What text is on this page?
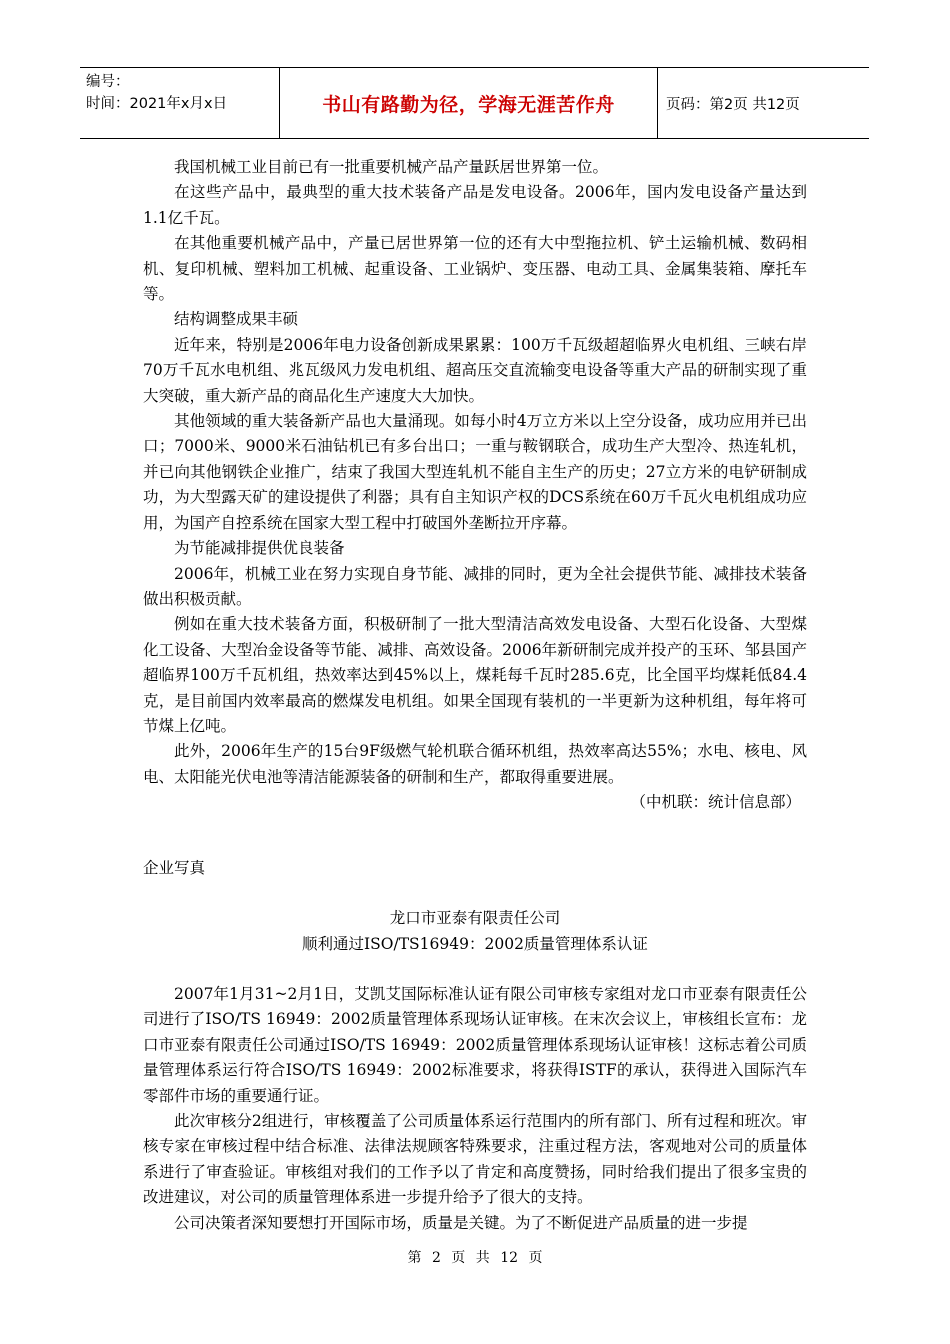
编号：
时间：2021年x月x日	书山有路勤为径，学海无涯苦作舟	页码：第2页 共12页

我国机械工业目前已有一批重要机械产品产量跃居世界第一位。

在这些产品中，最典型的重大技术装备产品是发电设备。2006年，国内发电设备产量达到1.1亿千瓦。

在其他重要机械产品中，产量已居世界第一位的还有大中型拖拉机、铲土运输机械、数码相机、复印机械、塑料加工机械、起重设备、工业锅炉、变压器、电动工具、金属集装箱、摩托车等。

结构调整成果丰硕

近年来，特别是2006年电力设备创新成果累累：100万千瓦级超超临界火电机组、三峡右岸70万千瓦水电机组、兆瓦级风力发电机组、超高压交直流输变电设备等重大产品的研制实现了重大突破，重大新产品的商品化生产速度大大加快。

其他领域的重大装备新产品也大量涌现。如每小时4万立方米以上空分设备，成功应用并已出口；7000米、9000米石油钻机已有多台出口；一重与鞍钢联合，成功生产大型冷、热连轧机，并已向其他钢铁企业推广，结束了我国大型连轧机不能自主生产的历史；27立方米的电铲研制成功，为大型露天矿的建设提供了利器；具有自主知识产权的DCS系统在60万千瓦火电机组成功应用，为国产自控系统在国家大型工程中打破国外垄断拉开序幕。

为节能减排提供优良装备

2006年，机械工业在努力实现自身节能、减排的同时，更为全社会提供节能、减排技术装备做出积极贡献。

例如在重大技术装备方面，积极研制了一批大型清洁高效发电设备、大型石化设备、大型煤化工设备、大型冶金设备等节能、减排、高效设备。2006年新研制完成并投产的玉环、邹县国产超临界100万千瓦机组，热效率达到45%以上，煤耗每千瓦时285.6克，比全国平均煤耗低84.4克，是目前国内效率最高的燃煤发电机组。如果全国现有装机的一半更新为这种机组，每年将可节煤上亿吨。

此外，2006年生产的15台9F级燃气轮机联合循环机组，热效率高达55%；水电、核电、风电、太阳能光伏电池等清洁能源装备的研制和生产，都取得重要进展。

（中机联：统计信息部）

企业写真
龙口市亚泰有限责任公司
顺利通过ISO/TS16949：2002质量管理体系认证

2007年1月31~2月1日，艾凯艾国际标准认证有限公司审核专家组对龙口市亚泰有限责任公司进行了ISO/TS 16949：2002质量管理体系现场认证审核。在末次会议上，审核组长宣布：龙口市亚泰有限责任公司通过ISO/TS 16949：2002质量管理体系现场认证审核！这标志着公司质量管理体系运行符合ISO/TS 16949：2002标准要求，将获得ISTF的承认，获得进入国际汽车零部件市场的重要通行证。

此次审核分2组进行，审核覆盖了公司质量体系运行范围内的所有部门、所有过程和班次。审核专家在审核过程中结合标准、法律法规顾客特殊要求，注重过程方法，客观地对公司的质量体系进行了审查验证。审核组对我们的工作予以了肯定和高度赞扬，同时给我们提出了很多宝贵的改进建议，对公司的质量管理体系进一步提升给予了很大的支持。

公司决策者深知要想打开国际市场，质量是关键。为了不断促进产品质量的进一步提

第 2 页 共 12 页
